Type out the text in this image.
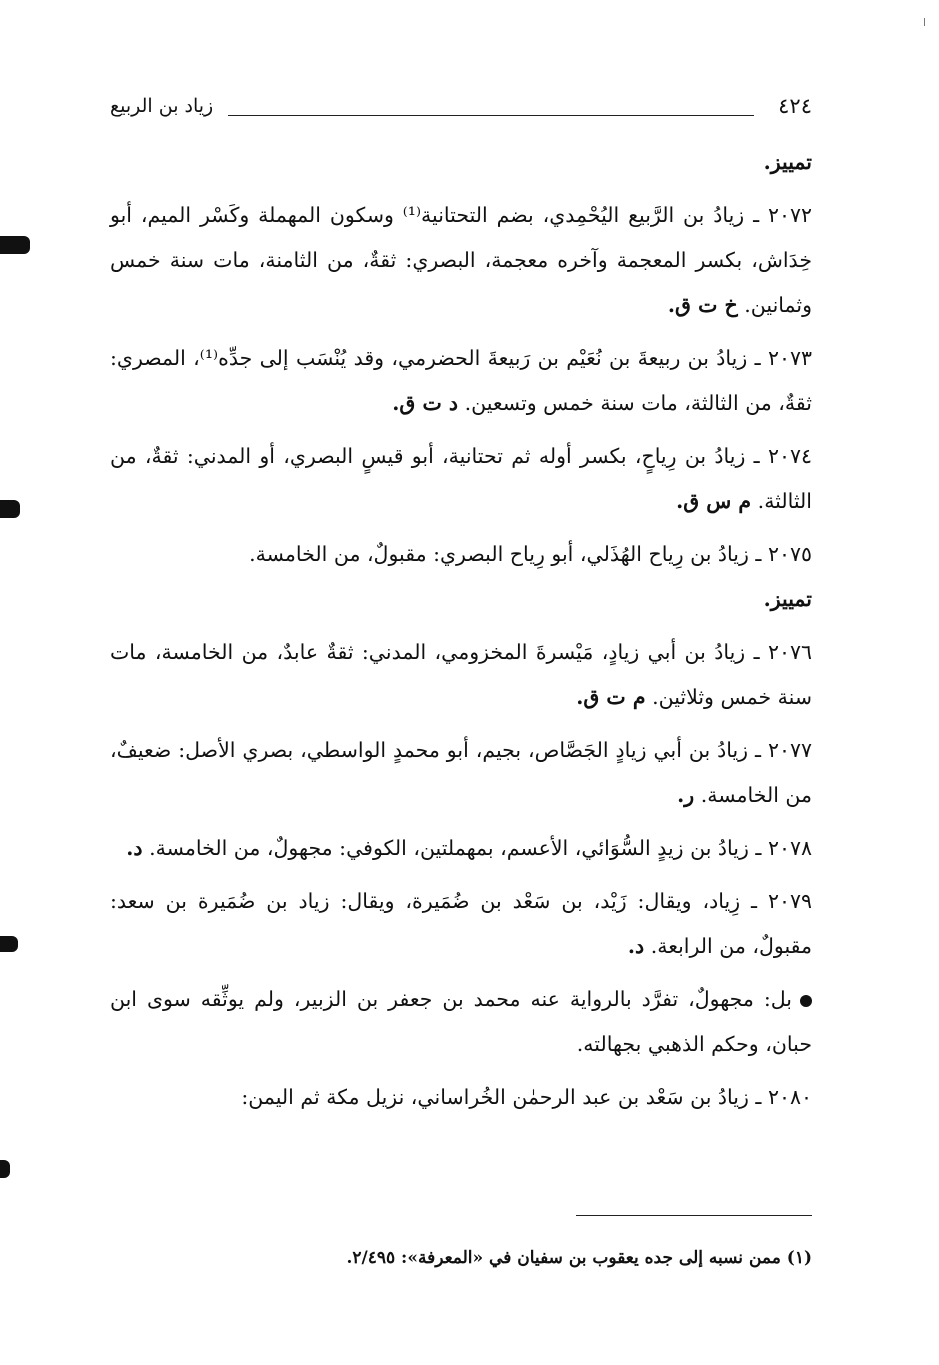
٤٢٤
زياد بن الربيع

تمييز.

٢٠٧٢ ـ زيادُ بن الرَّبيع اليُحْمِدي، بضم التحتانية⁽¹⁾ وسكون المهملة وكَسْر الميم، أبو خِدَاش، بكسر المعجمة وآخره معجمة، البصري: ثقةٌ، من الثامنة، مات سنة خمس وثمانين. خ ت ق.

٢٠٧٣ ـ زيادُ بن ربيعةَ بن نُعَيْم بن رَبيعةَ الحضرمي، وقد يُنْسَب إلى جدِّه⁽¹⁾، المصري: ثقةٌ، من الثالثة، مات سنة خمس وتسعين. د ت ق.

٢٠٧٤ ـ زيادُ بن رِياحٍ، بكسر أوله ثم تحتانية، أبو قيسٍ البصري، أو المدني: ثقةٌ، من الثالثة. م س ق.

٢٠٧٥ ـ زيادُ بن رِياح الهُذَلي، أبو رِياح البصري: مقبولٌ، من الخامسة.

تمييز.

٢٠٧٦ ـ زيادُ بن أبي زيادٍ، مَيْسرةَ المخزومي، المدني: ثقةٌ عابدٌ، من الخامسة، مات سنة خمس وثلاثين. م ت ق.

٢٠٧٧ ـ زيادُ بن أبي زيادٍ الجَصَّاص، بجيم، أبو محمدٍ الواسطي، بصري الأصل: ضعيفٌ، من الخامسة. ر.

٢٠٧٨ ـ زيادُ بن زيدٍ السُّوَائي، الأعسم، بمهملتين، الكوفي: مجهولٌ، من الخامسة. د.

٢٠٧٩ ـ زِياد، ويقال: زَيْد، بن سَعْد بن ضُمَيرة، ويقال: زياد بن ضُمَيرة بن سعد: مقبولٌ، من الرابعة. د.

بل: مجهولٌ، تفرَّد بالرواية عنه محمد بن جعفر بن الزبير، ولم يوثِّقه سوى ابن حبان، وحكم الذهبي بجهالته.

٢٠٨٠ ـ زيادُ بن سَعْد بن عبد الرحمٰن الخُراساني، نزيل مكة ثم اليمن:

(١) ممن نسبه إلى جده يعقوب بن سفيان في «المعرفة»: ٢/٤٩٥.
